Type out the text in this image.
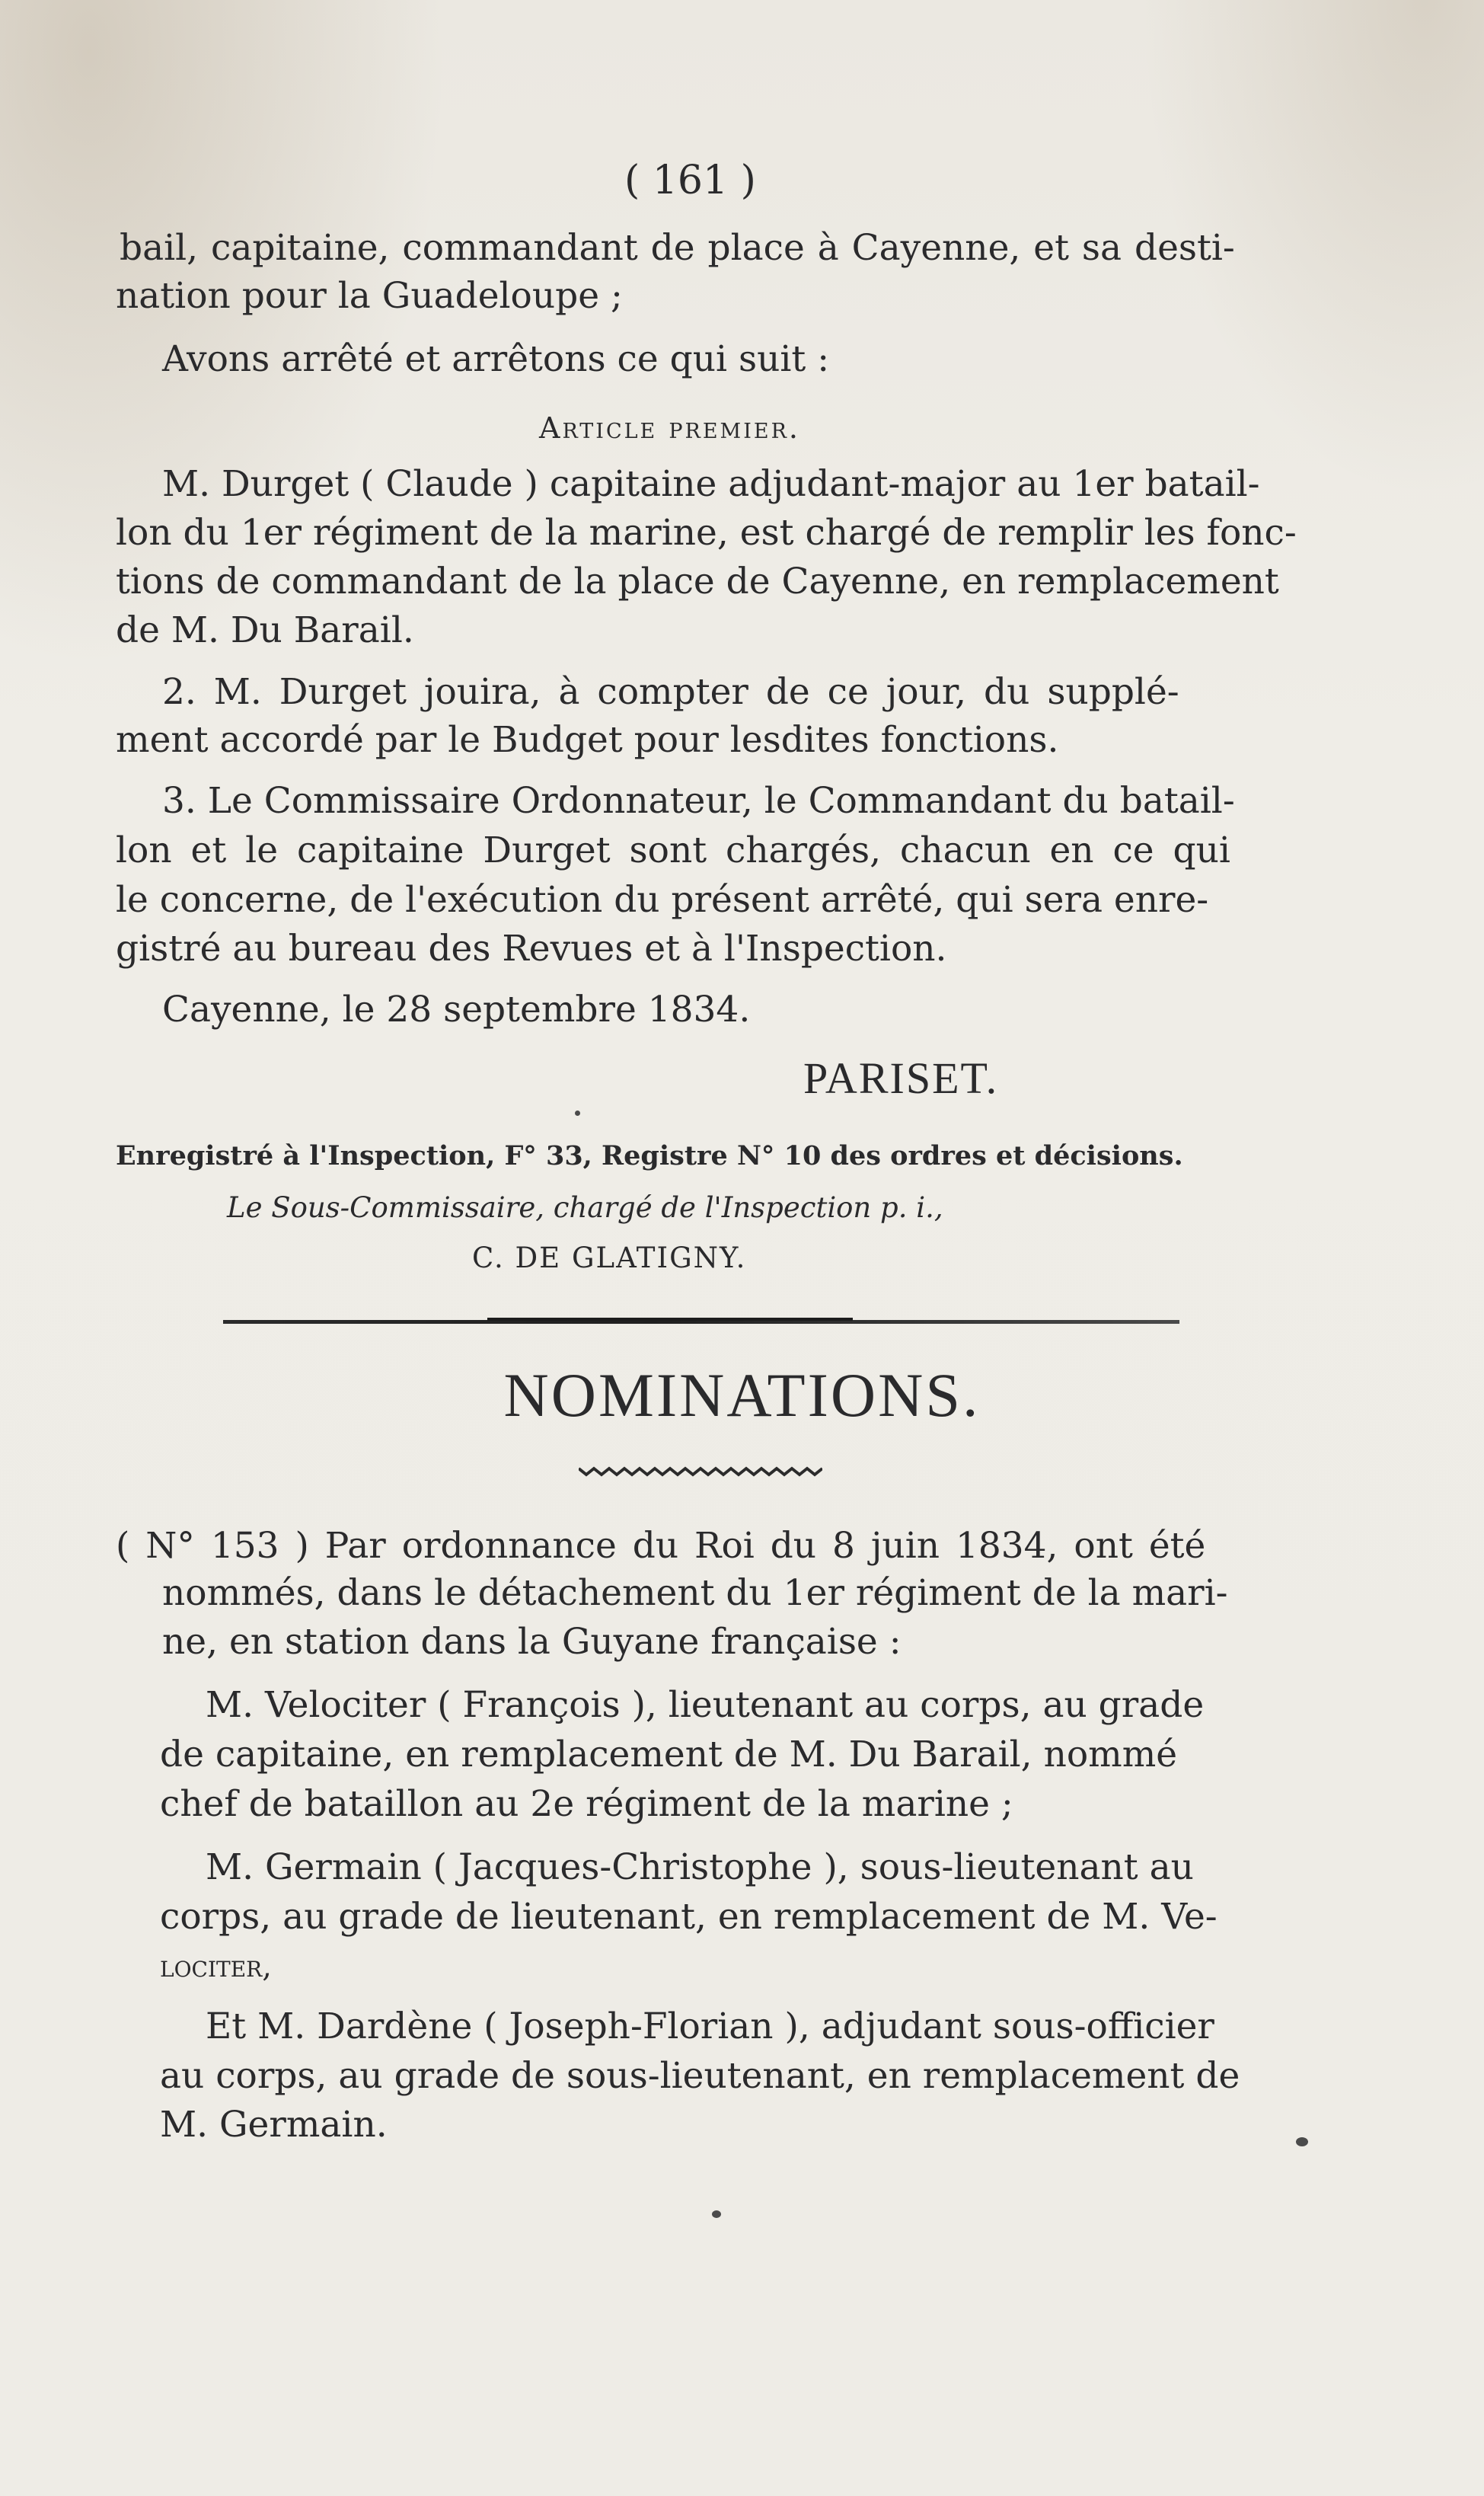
( 161 )
bail, capitaine, commandant de place à Cayenne, et sa desti-
nation pour la Guadeloupe ;
Avons arrêté et arrêtons ce qui suit :
Article premier.
M. Durget ( Claude ) capitaine adjudant-major au 1er batail-
lon du 1er régiment de la marine, est chargé de remplir les fonc-
tions de commandant de la place de Cayenne, en remplacement
de M. Du Barail.
2. M. Durget jouira, à compter de ce jour, du supplé-
ment accordé par le Budget pour lesdites fonctions.
3. Le Commissaire Ordonnateur, le Commandant du batail-
lon et le capitaine Durget sont chargés, chacun en ce qui
le concerne, de l'exécution du présent arrêté, qui sera enre-
gistré au bureau des Revues et à l'Inspection.
Cayenne, le 28 septembre 1834.
PARISET.
Enregistré à l'Inspection, F° 33, Registre N° 10 des ordres et décisions.
Le Sous-Commissaire, chargé de l'Inspection p. i.,
C. DE GLATIGNY.
NOMINATIONS.
( N° 153 ) Par ordonnance du Roi du 8 juin 1834, ont été
nommés, dans le détachement du 1er régiment de la mari-
ne, en station dans la Guyane française :
M. Velociter ( François ), lieutenant au corps, au grade
de capitaine, en remplacement de M. Du Barail, nommé
chef de bataillon au 2e régiment de la marine ;
M. Germain ( Jacques-Christophe ), sous-lieutenant au
corps, au grade de lieutenant, en remplacement de M. Ve-
lociter,
Et M. Dardène ( Joseph-Florian ), adjudant sous-officier
au corps, au grade de sous-lieutenant, en remplacement de
M. Germain.
